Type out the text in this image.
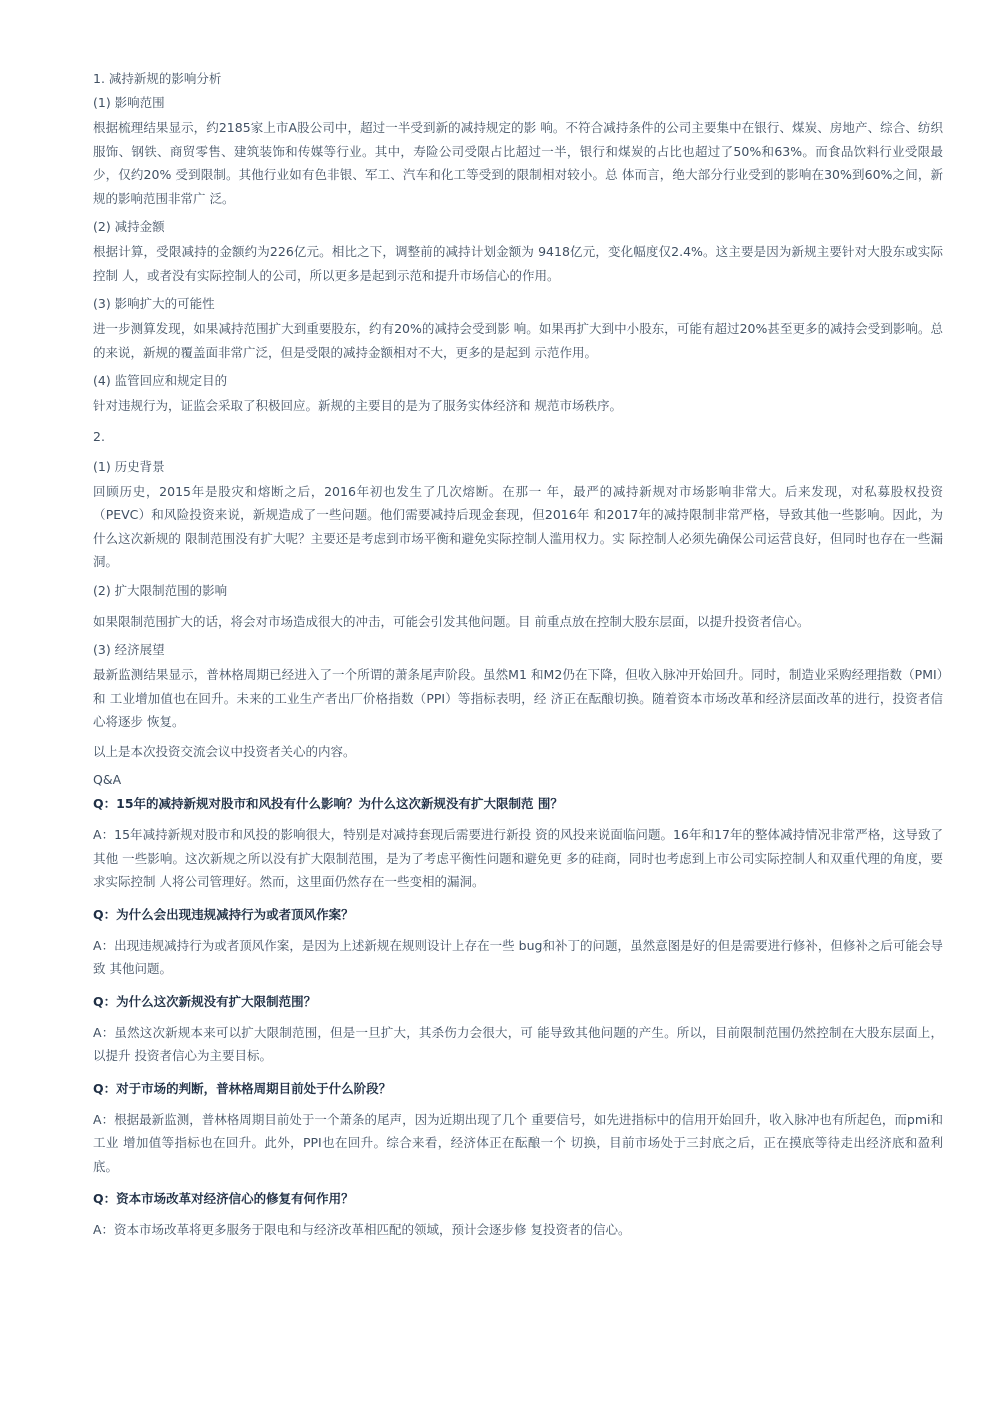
1. 减持新规的影响分析
(1) 影响范围
根据梳理结果显示，约2185家上市A股公司中，超过一半受到新的减持规定的影 响。不符合减持条件的公司主要集中在银行、煤炭、房地产、综合、纺织服饰、钢铁、商贸零售、建筑装饰和传媒等行业。其中，寿险公司受限占比超过一半，银行和煤炭的占比也超过了50%和63%。而食品饮料行业受限最少，仅约20% 受到限制。其他行业如有色非银、军工、汽车和化工等受到的限制相对较小。总 体而言，绝大部分行业受到的影响在30%到60%之间，新规的影响范围非常广 泛。
(2) 减持金额
根据计算，受限减持的金额约为226亿元。相比之下，调整前的减持计划金额为 9418亿元，变化幅度仅2.4%。这主要是因为新规主要针对大股东或实际控制 人，或者没有实际控制人的公司，所以更多是起到示范和提升市场信心的作用。
(3) 影响扩大的可能性
进一步测算发现，如果减持范围扩大到重要股东，约有20%的减持会受到影 响。如果再扩大到中小股东，可能有超过20%甚至更多的减持会受到影响。总 的来说，新规的覆盖面非常广泛，但是受限的减持金额相对不大，更多的是起到 示范作用。
(4) 监管回应和规定目的
针对违规行为，证监会采取了积极回应。新规的主要目的是为了服务实体经济和 规范市场秩序。
2.
(1) 历史背景
回顾历史，2015年是股灾和熔断之后，2016年初也发生了几次熔断。在那一 年，最严的减持新规对市场影响非常大。后来发现，对私募股权投资（PEVC）和风险投资来说，新规造成了一些问题。他们需要减持后现金套现，但2016年 和2017年的减持限制非常严格，导致其他一些影响。因此，为什么这次新规的 限制范围没有扩大呢？主要还是考虑到市场平衡和避免实际控制人滥用权力。实 际控制人必须先确保公司运营良好，但同时也存在一些漏洞。
(2) 扩大限制范围的影响
如果限制范围扩大的话，将会对市场造成很大的冲击，可能会引发其他问题。目 前重点放在控制大股东层面，以提升投资者信心。
(3) 经济展望
最新监测结果显示，普林格周期已经进入了一个所谓的萧条尾声阶段。虽然M1 和M2仍在下降，但收入脉冲开始回升。同时，制造业采购经理指数（PMI）和 工业增加值也在回升。未来的工业生产者出厂价格指数（PPI）等指标表明，经 济正在酝酿切换。随着资本市场改革和经济层面改革的进行，投资者信心将逐步 恢复。
以上是本次投资交流会议中投资者关心的内容。
Q&A
Q：15年的减持新规对股市和风投有什么影响？为什么这次新规没有扩大限制范 围？
A：15年减持新规对股市和风投的影响很大，特别是对减持套现后需要进行新投 资的风投来说面临问题。16年和17年的整体减持情况非常严格，这导致了其他 一些影响。这次新规之所以没有扩大限制范围，是为了考虑平衡性问题和避免更 多的硅商，同时也考虑到上市公司实际控制人和双重代理的角度，要求实际控制 人将公司管理好。然而，这里面仍然存在一些变相的漏洞。
Q：为什么会出现违规减持行为或者顶风作案？
A：出现违规减持行为或者顶风作案，是因为上述新规在规则设计上存在一些 bug和补丁的问题，虽然意图是好的但是需要进行修补，但修补之后可能会导致 其他问题。
Q：为什么这次新规没有扩大限制范围？
A：虽然这次新规本来可以扩大限制范围，但是一旦扩大，其杀伤力会很大，可 能导致其他问题的产生。所以，目前限制范围仍然控制在大股东层面上，以提升 投资者信心为主要目标。
Q：对于市场的判断，普林格周期目前处于什么阶段？
A：根据最新监测，普林格周期目前处于一个萧条的尾声，因为近期出现了几个 重要信号，如先进指标中的信用开始回升，收入脉冲也有所起色，而pmi和工业 增加值等指标也在回升。此外，PPI也在回升。综合来看，经济体正在酝酿一个 切换，目前市场处于三封底之后，正在摸底等待走出经济底和盈利底。
Q：资本市场改革对经济信心的修复有何作用？
A：资本市场改革将更多服务于限电和与经济改革相匹配的领域，预计会逐步修 复投资者的信心。
